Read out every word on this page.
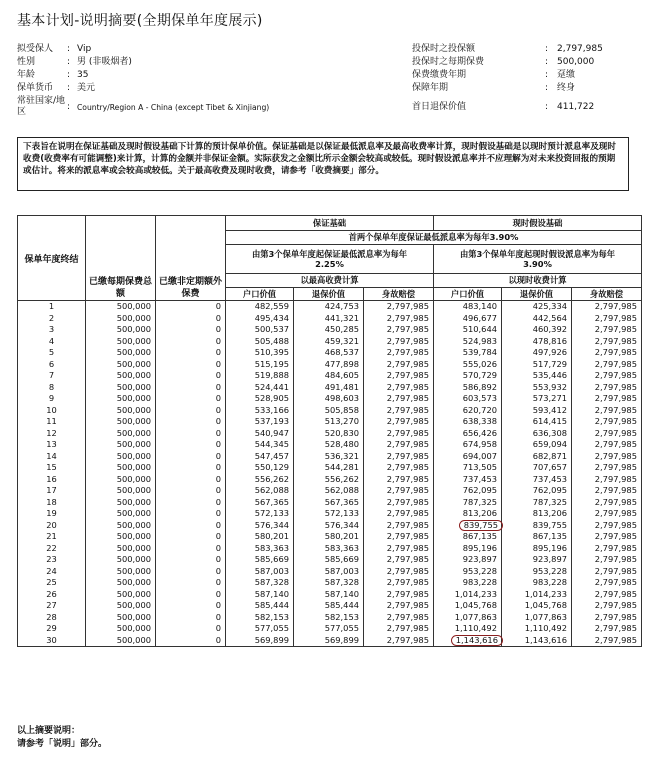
基本计划-说明摘要(全期保单年度展示)
拟受保人	: Vip
性别	: 男 (非吸烟者)
年龄	: 35
保单货币	: 美元
常驻国家/地区
: Country/Region A - China (except Tibet & Xinjiang)
投保时之投保额	: 2,797,985
投保时之每期保费	: 500,000
保费缴费年期	: 趸缴
保障年期	: 终身
首日退保价值	: 411,722
下表旨在说明在保证基础及现时假设基础下计算的预计保单价值。保证基础是以保证最低派息率及最高收费率计算，现时假设基础是以现时预计派息率及现时收费(收费率有可能调整)来计算，计算的金额并非保证金额。实际获发之金额比所示金额会较高或较低。现时假设派息率并不应理解为对未来投资回报的预期或估计。将来的派息率或会较高或较低。关于最高收费及现时收费，请参考「收费摘要」部分。
保单年度终结	已缴每期保费总额	已缴非定期额外保费	保证基础			现时假设基础		
			首两个保单年度保证最低派息率为每年3.90%					
			由第3个保单年度起保证最低派息率为每年2.25%			由第3个保单年度起现时假设派息率为每年3.90%		
			以最高收费计算			以现时收费计算		
			户口价值	退保价值	身故赔偿	户口价值	退保价值	身故赔偿

1	500,000	0	482,559	424,753	2,797,985	483,140	425,334	2,797,985
2	500,000	0	495,434	441,321	2,797,985	496,677	442,564	2,797,985
3	500,000	0	500,537	450,285	2,797,985	510,644	460,392	2,797,985
4	500,000	0	505,488	459,321	2,797,985	524,983	478,816	2,797,985
5	500,000	0	510,395	468,537	2,797,985	539,784	497,926	2,797,985
6	500,000	0	515,195	477,898	2,797,985	555,026	517,729	2,797,985
7	500,000	0	519,888	484,605	2,797,985	570,729	535,446	2,797,985
8	500,000	0	524,441	491,481	2,797,985	586,892	553,932	2,797,985
9	500,000	0	528,905	498,603	2,797,985	603,573	573,271	2,797,985
10	500,000	0	533,166	505,858	2,797,985	620,720	593,412	2,797,985
11	500,000	0	537,193	513,270	2,797,985	638,338	614,415	2,797,985
12	500,000	0	540,947	520,830	2,797,985	656,426	636,308	2,797,985
13	500,000	0	544,345	528,480	2,797,985	674,958	659,094	2,797,985
14	500,000	0	547,457	536,321	2,797,985	694,007	682,871	2,797,985
15	500,000	0	550,129	544,281	2,797,985	713,505	707,657	2,797,985
16	500,000	0	556,262	556,262	2,797,985	737,453	737,453	2,797,985
17	500,000	0	562,088	562,088	2,797,985	762,095	762,095	2,797,985
18	500,000	0	567,365	567,365	2,797,985	787,325	787,325	2,797,985
19	500,000	0	572,133	572,133	2,797,985	813,206	813,206	2,797,985
20	500,000	0	576,344	576,344	2,797,985	839,755	839,755	2,797,985
21	500,000	0	580,201	580,201	2,797,985	867,135	867,135	2,797,985
22	500,000	0	583,363	583,363	2,797,985	895,196	895,196	2,797,985
23	500,000	0	585,669	585,669	2,797,985	923,897	923,897	2,797,985
24	500,000	0	587,003	587,003	2,797,985	953,228	953,228	2,797,985
25	500,000	0	587,328	587,328	2,797,985	983,228	983,228	2,797,985
26	500,000	0	587,140	587,140	2,797,985	1,014,233	1,014,233	2,797,985
27	500,000	0	585,444	585,444	2,797,985	1,045,768	1,045,768	2,797,985
28	500,000	0	582,153	582,153	2,797,985	1,077,863	1,077,863	2,797,985
29	500,000	0	577,055	577,055	2,797,985	1,110,492	1,110,492	2,797,985
30	500,000	0	569,899	569,899	2,797,985	1,143,616	1,143,616	2,797,985
以上摘要说明：
请参考「说明」部分。
